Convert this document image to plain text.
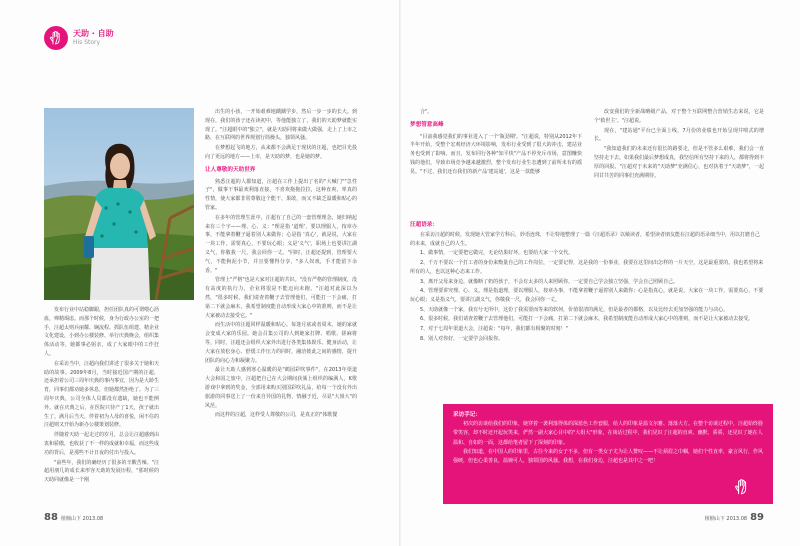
天助 · 自助
His Story

发布行业中站稳脚跟，担任团队真的可谓喂心沥血，殚精竭虑。而那个时候，身为行政办公室的一把手，汪超太则兵丽耀、娴流程、抓队伍组建、精企业文化建设，小到办公楼装修、举行庆典晚会，组织集体活动等，她都事必躬亲，成了大家眼中的工作狂人。

在采访当中，汪超向我们讲述了很多关于她和天助的故事。2009年8月，当时接近国产期的汪超，还承担着公司三周年庆典的事内事宜，因为是大龄生育，同事们都劝她多休息，但她都然拒绝了。为了三周年庆典，公司全体人员都没有遗缺，她也不能例外。就在庆典之后，在医院只待产了1天，孩子就出生了。满月后当天，伴着初为人母的喜悦，闲不住的汪超则又开始为新办公楼策划装修。

伴随着天助一起走过的岁月，总会让汪超感到由衷和骄傲，也收获了不一样的成就和幸福，而这些成功的背后，是那些不计日夜的付出与投入。

"前些年，我们的确经历了很多的辛酸苦辣。"汪超用朋几的成长来形容天助的发展历程，"那时候的天助同就像是一个刚

出生的小孩，一开始艰难地踽踽学步，然后一步一步的长大。到现在，我们的孩子还在读初中，等他能独立了，我们的天助梦就能实现了。"汪超眼中的"独立"，就是天助同将来做大做强，走上了上市之路，在互联网的世界规划行简操头，独领风骚。

在梦想起飞的地方，从来都不会满足于现状的汪超，也把目光投向了更远的地方——上市，是天助的梦，也是她的梦。

让人尊敬的天助世界

熟悉汪超的人都知道，汪超在工作上提出了名的"大喊门""急性子"，做事干事最欢利落直接，不喜欢拖拖拉拉，这种直爽、率真的性情，使大家都非常尊敬这个能干、果敢，而又不缺乏温暖和贴心的管家。

在多年的管理生涯中，汪超有了自己的一套管理理念，她归纳起来有三个字——理、心、义："理是指 '道理'，要以理服人，按章办事，不能拿着鞭子逼着别人来做你；心是指 '真心'，就是说，大家在一块工作，需要真心，不要玩心眼；义是'义气'，职场上也要讲江湖义气，你敬我一尺，我会回你一丈。"同时，汪超还提到，管理要大气，不能狗泥小节，并且要懂得分享，"多人奴戏，手才能留下余香。"

管理上"严格"也是大家对汪超的共识。"没有严格的管理制度，没有高度的执行力，企业将很是不能迈向未跑。"汪超对此深以为然，"很多时候，我们请查着鞭子去管理他们，可能打一下会痛，打第二下就会麻木，我希望制度能自动形成大家心中的准则，而不是让大家被动去接受它。"

而生活中的汪超同样温暖和贴心。每逢月底或者周末，她的家就会变成大家的乐园。她会召集公司的人到她家打牌、唱歌、搓麻将等，同时，汪超还会组织大家外出进行各类集体娱乐、健身活动，让大家在放松身心、舒缓工作压力的同时，融洽彼此之间的感情，提升团队的向心力和凝聚力。

最让天助人感到寒心温暖的是"鹤园彩吹事件"，在2013年渠道大会和国之旅中，汪超把自己在大会期间获颁上组织的编满人，K歌游戏中拿到的奖金，全部用来购买别国彩吹礼品，给每一个没有外出旅游的同事送上了一份来自异国的礼物，情融于近，尽显"大姐大"的风范。

而这样的汪超，这样受人尊敬的公司，是真正的"体歌餐

合"。

梦想管意高峰

"目前我感觉我们的事业进入了一个'瓶劲期'。"汪超说，特别从2012年下半年开始，受整个宏观经济大环境影响，发布行业受到了很大的冲击，建站业务也受到了影响。而且，发布同行各种"知平快"产品不停充斥市场，意图赚快钱的他们，导致市场竞争越来越激烈，整个发布行业生态遭到了前所未有的摇晃。"不过，我们还有我们的新产品'建站通'，这是一款能够

改变我们的全新战略级产品，对于整个互联网整合营销生态来说，它是个'救世主'。"汪超说。

现在，"建站通"平台已全面上线，7月份的业绩也开始呈现井喷式的增长。

"我知道我们的未来还有很长的路要走，但是不管多么艰难，我们会一直坚持走下去。如果我们最后梦想成真，我坚信所有坚持下来的人，都将得到丰厚的回报。"汪超对于未来的"天助梦"充满信心，也对执着于"天助梦"，一起同甘共苦的同事们充满期待。

汪超语录：

在采访汪超的时候，发现她大管家学方科后，妙语连珠，不让特地整理了一篇《汪超语录》以飨读者，希望读者朋友能在汪超的语录细当中，用以打磨自己的未来，成就自己的人生。

1、做事情，一定要把它做完，无论结果好坏，也要给大家一个交代。

2、千万不要以一个打工者的身份来衡量自己的工作岗位，一定要记得，这是我的一份事业，我要在这里间出怎样的一片天空，这是最重要的。我也希望将来所有的人，也以这种心态来工作。

3、离开父母来身边，就像断了奶的孩子，不会有太多的人来照顾你，一定要自己学会独立坚强，学会自己照顾自己。

4、管理要讲究理、心、义。理是指道理，要以理服人，按章办事，不能拿着鞭子逼着别人来做你；心是指真心，就是说，大家在一块工作，需要真心，不要玩心眼；义是指义气，要讲江湖义气，你敬我一尺，我会回你一丈。

5、天助就像一个家，我有兮无所中，这份了我需要而等来的软何，价值很清的满足，但是最者的都格，以及比经去更加坚强的能力与决心。

6、很多时候，我们请查着鞭子去管理他们，可能打一下会痛，打第二下就会麻木，我希望制度能自动形成大家心中的准则，而不是让大家被动去接受。

7、对于七周年渠道大会，汪超说："每年，我们都有相聚的时刻！"

8、别人对你好，一定要学会回报你。

采访手记：

初次的访谈给我们的印象，她穿着一袭利落得体的深蓝色工作套服，给人的印象是温文尔雅、落落大方。在整个访谈过程中，汪超始终脸带笑容，却不时还开起玩笑来，俨然一副大家心目中的"大姐大"形象，在谈话过程中，我们见识了汪超的直爽、幽默、骄骄，还见识了她在人温和、自如的一面，这都给笔者留下了深刻的印象。

我们知道，在中国人的印象里，古往今来的女子不多，但有一类女子尤为让人赞叹——不让须眉之巾帼，她们个性直率，豪言风行，作风强硬，但也心柔善良，温婉可人，独领国的风骚。我想，在我们身边，汪超也是其中之一吧！

88 植楠山下 2013.08	植楠山下 2013.08 89
